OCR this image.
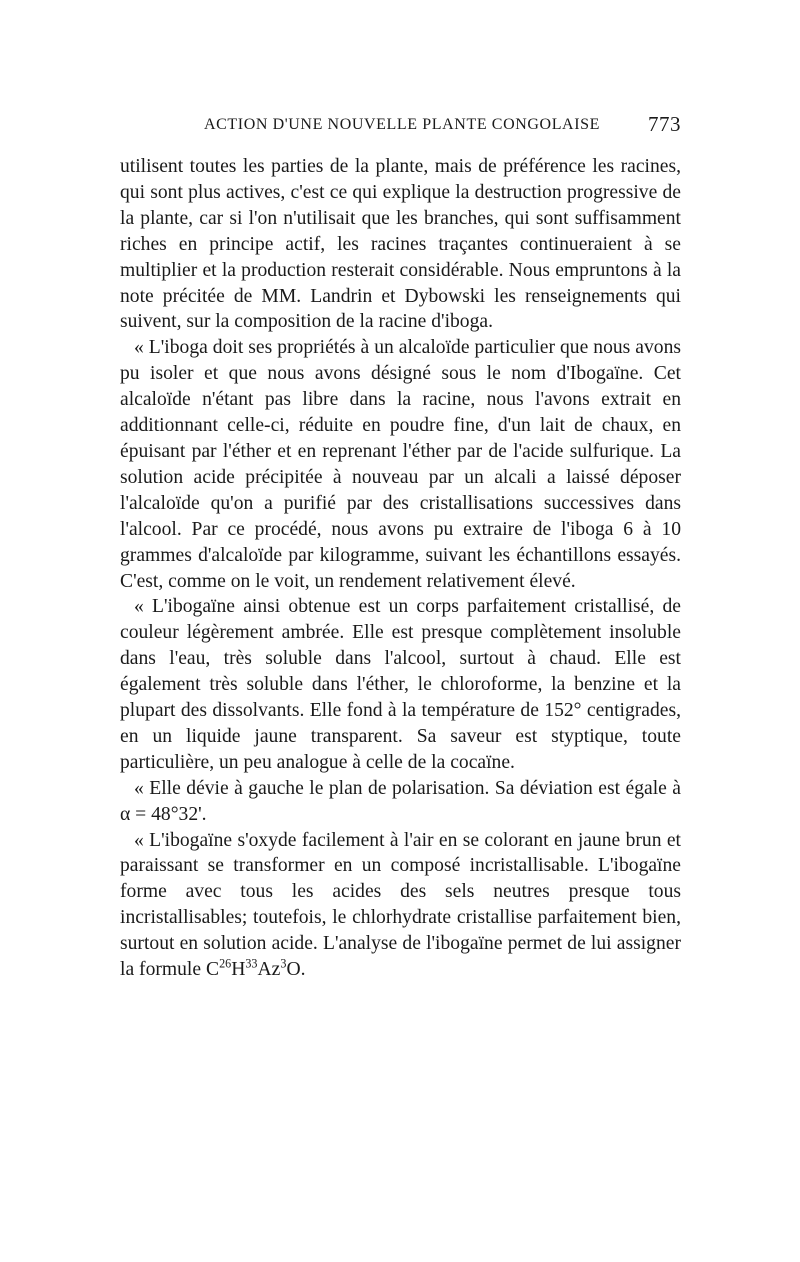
ACTION D'UNE NOUVELLE PLANTE CONGOLAISE 773

utilisent toutes les parties de la plante, mais de préférence les racines, qui sont plus actives, c'est ce qui explique la destruction progressive de la plante, car si l'on n'utilisait que les branches, qui sont suffisamment riches en principe actif, les racines traçantes continueraient à se multiplier et la production resterait considérable. Nous empruntons à la note précitée de MM. Landrin et Dybowski les renseignements qui suivent, sur la composition de la racine d'iboga.

« L'iboga doit ses propriétés à un alcaloïde particulier que nous avons pu isoler et que nous avons désigné sous le nom d'Ibogaïne. Cet alcaloïde n'étant pas libre dans la racine, nous l'avons extrait en additionnant celle-ci, réduite en poudre fine, d'un lait de chaux, en épuisant par l'éther et en reprenant l'éther par de l'acide sulfurique. La solution acide précipitée à nouveau par un alcali a laissé déposer l'alcaloïde qu'on a purifié par des cristallisations successives dans l'alcool. Par ce procédé, nous avons pu extraire de l'iboga 6 à 10 grammes d'alcaloïde par kilogramme, suivant les échantillons essayés. C'est, comme on le voit, un rendement relativement élevé.

« L'ibogaïne ainsi obtenue est un corps parfaitement cristallisé, de couleur légèrement ambrée. Elle est presque complètement insoluble dans l'eau, très soluble dans l'alcool, surtout à chaud. Elle est également très soluble dans l'éther, le chloroforme, la benzine et la plupart des dissolvants. Elle fond à la température de 152° centigrades, en un liquide jaune transparent. Sa saveur est styptique, toute particulière, un peu analogue à celle de la cocaïne.

« Elle dévie à gauche le plan de polarisation. Sa déviation est égale à α = 48°32'.

« L'ibogaïne s'oxyde facilement à l'air en se colorant en jaune brun et paraissant se transformer en un composé incristallisable. L'ibogaïne forme avec tous les acides des sels neutres presque tous incristallisables; toutefois, le chlorhydrate cristallise parfaitement bien, surtout en solution acide. L'analyse de l'ibogaïne permet de lui assigner la formule $C^{26}H^{33}Az^3O$.
